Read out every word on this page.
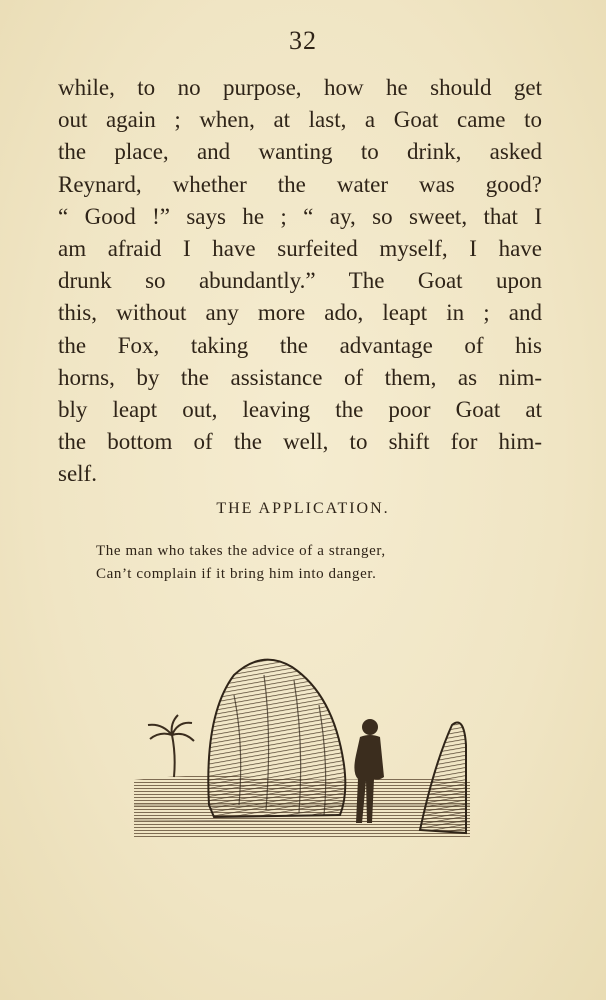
32
while, to no purpose, how he should get
out again ; when, at last, a Goat came to
the place, and wanting to drink, asked
Reynard, whether the water was good?
“ Good !” says he ; “ ay, so sweet, that I
am afraid I have surfeited myself, I have
drunk so abundantly.” The Goat upon
this, without any more ado, leapt in ; and
the Fox, taking the advantage of his
horns, by the assistance of them, as nim-
bly leapt out, leaving the poor Goat at
the bottom of the well, to shift for him-
self.
THE APPLICATION.
The man who takes the advice of a stranger,
Can’t complain if it bring him into danger.
